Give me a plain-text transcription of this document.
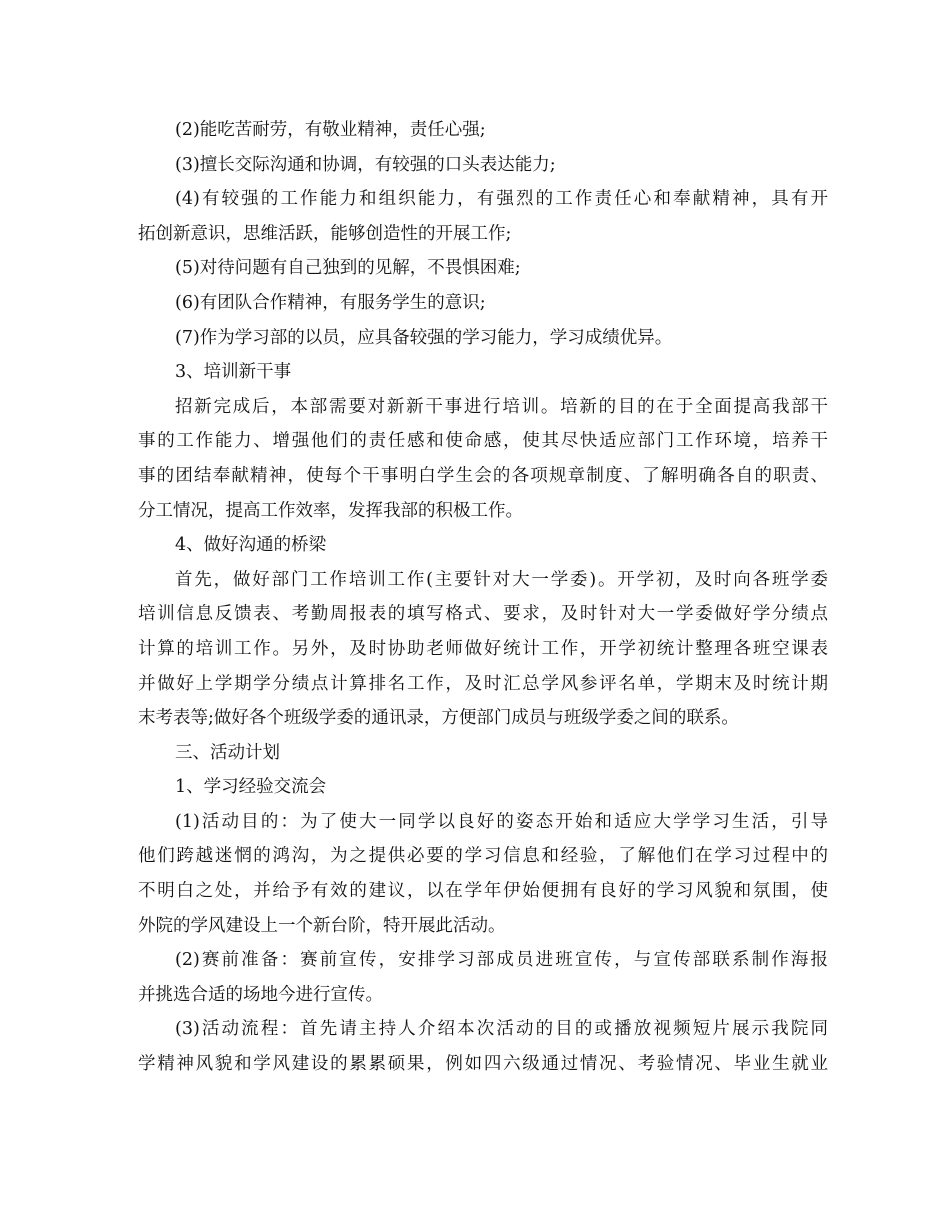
(2)能吃苦耐劳，有敬业精神，责任心强;
(3)擅长交际沟通和协调，有较强的口头表达能力;
(4)有较强的工作能力和组织能力，有强烈的工作责任心和奉献精神，具有开
拓创新意识，思维活跃，能够创造性的开展工作;
(5)对待问题有自己独到的见解，不畏惧困难;
(6)有团队合作精神，有服务学生的意识;
(7)作为学习部的以员，应具备较强的学习能力，学习成绩优异。
3、培训新干事
招新完成后，本部需要对新新干事进行培训。培新的目的在于全面提高我部干
事的工作能力、增强他们的责任感和使命感，使其尽快适应部门工作环境，培养干
事的团结奉献精神，使每个干事明白学生会的各项规章制度、了解明确各自的职责、
分工情况，提高工作效率，发挥我部的积极工作。
4、做好沟通的桥梁
首先，做好部门工作培训工作(主要针对大一学委)。开学初，及时向各班学委
培训信息反馈表、考勤周报表的填写格式、要求，及时针对大一学委做好学分绩点
计算的培训工作。另外，及时协助老师做好统计工作，开学初统计整理各班空课表
并做好上学期学分绩点计算排名工作，及时汇总学风参评名单，学期末及时统计期
末考表等;做好各个班级学委的通讯录，方便部门成员与班级学委之间的联系。
三、活动计划
1、学习经验交流会
(1)活动目的：为了使大一同学以良好的姿态开始和适应大学学习生活，引导
他们跨越迷惘的鸿沟，为之提供必要的学习信息和经验，了解他们在学习过程中的
不明白之处，并给予有效的建议，以在学年伊始便拥有良好的学习风貌和氛围，使
外院的学风建设上一个新台阶，特开展此活动。
(2)赛前准备：赛前宣传，安排学习部成员进班宣传，与宣传部联系制作海报
并挑选合适的场地今进行宣传。
(3)活动流程：首先请主持人介绍本次活动的目的或播放视频短片展示我院同
学精神风貌和学风建设的累累硕果，例如四六级通过情况、考验情况、毕业生就业
